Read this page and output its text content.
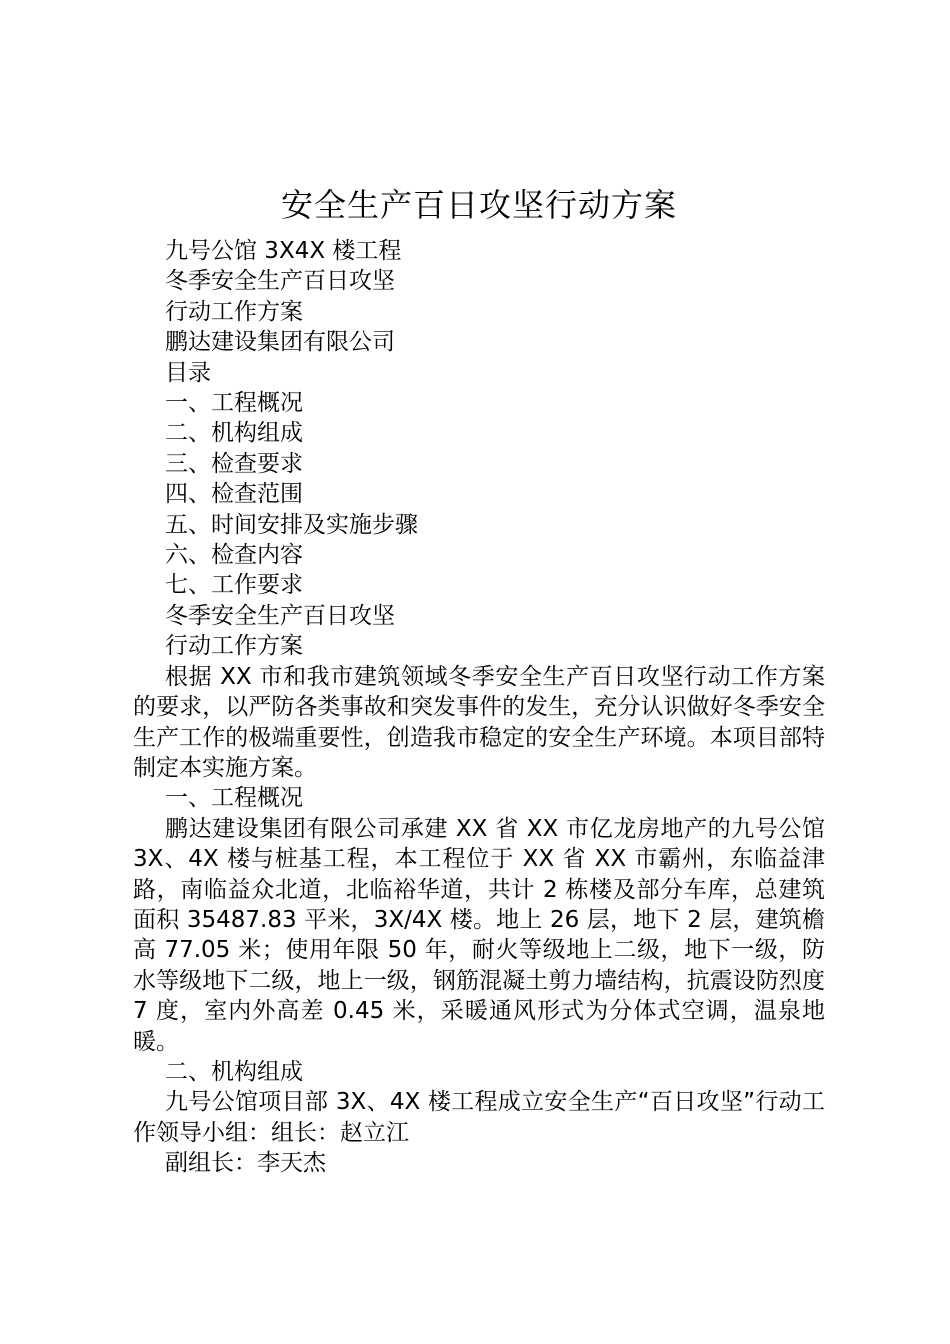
安全生产百日攻坚行动方案

九号公馆 3X4X 楼工程

冬季安全生产百日攻坚

行动工作方案

鹏达建设集团有限公司

目录

一、工程概况

二、机构组成

三、检查要求

四、检查范围

五、时间安排及实施步骤

六、检查内容

七、工作要求

冬季安全生产百日攻坚

行动工作方案

根据 XX 市和我市建筑领域冬季安全生产百日攻坚行动工作方案的要求，以严防各类事故和突发事件的发生，充分认识做好冬季安全生产工作的极端重要性，创造我市稳定的安全生产环境。本项目部特制定本实施方案。

一、工程概况

鹏达建设集团有限公司承建 XX 省 XX 市亿龙房地产的九号公馆 3X、4X 楼与桩基工程，本工程位于 XX 省 XX 市霸州，东临益津路，南临益众北道，北临裕华道，共计 2 栋楼及部分车库，总建筑面积 35487.83 平米，3X/4X 楼。地上 26 层，地下 2 层，建筑檐高 77.05 米；使用年限 50 年，耐火等级地上二级，地下一级，防水等级地下二级，地上一级，钢筋混凝土剪力墙结构，抗震设防烈度 7 度，室内外高差 0.45 米，采暖通风形式为分体式空调，温泉地暖。

二、机构组成

九号公馆项目部 3X、4X 楼工程成立安全生产“百日攻坚”行动工作领导小组：组长：赵立江

副组长：李天杰
